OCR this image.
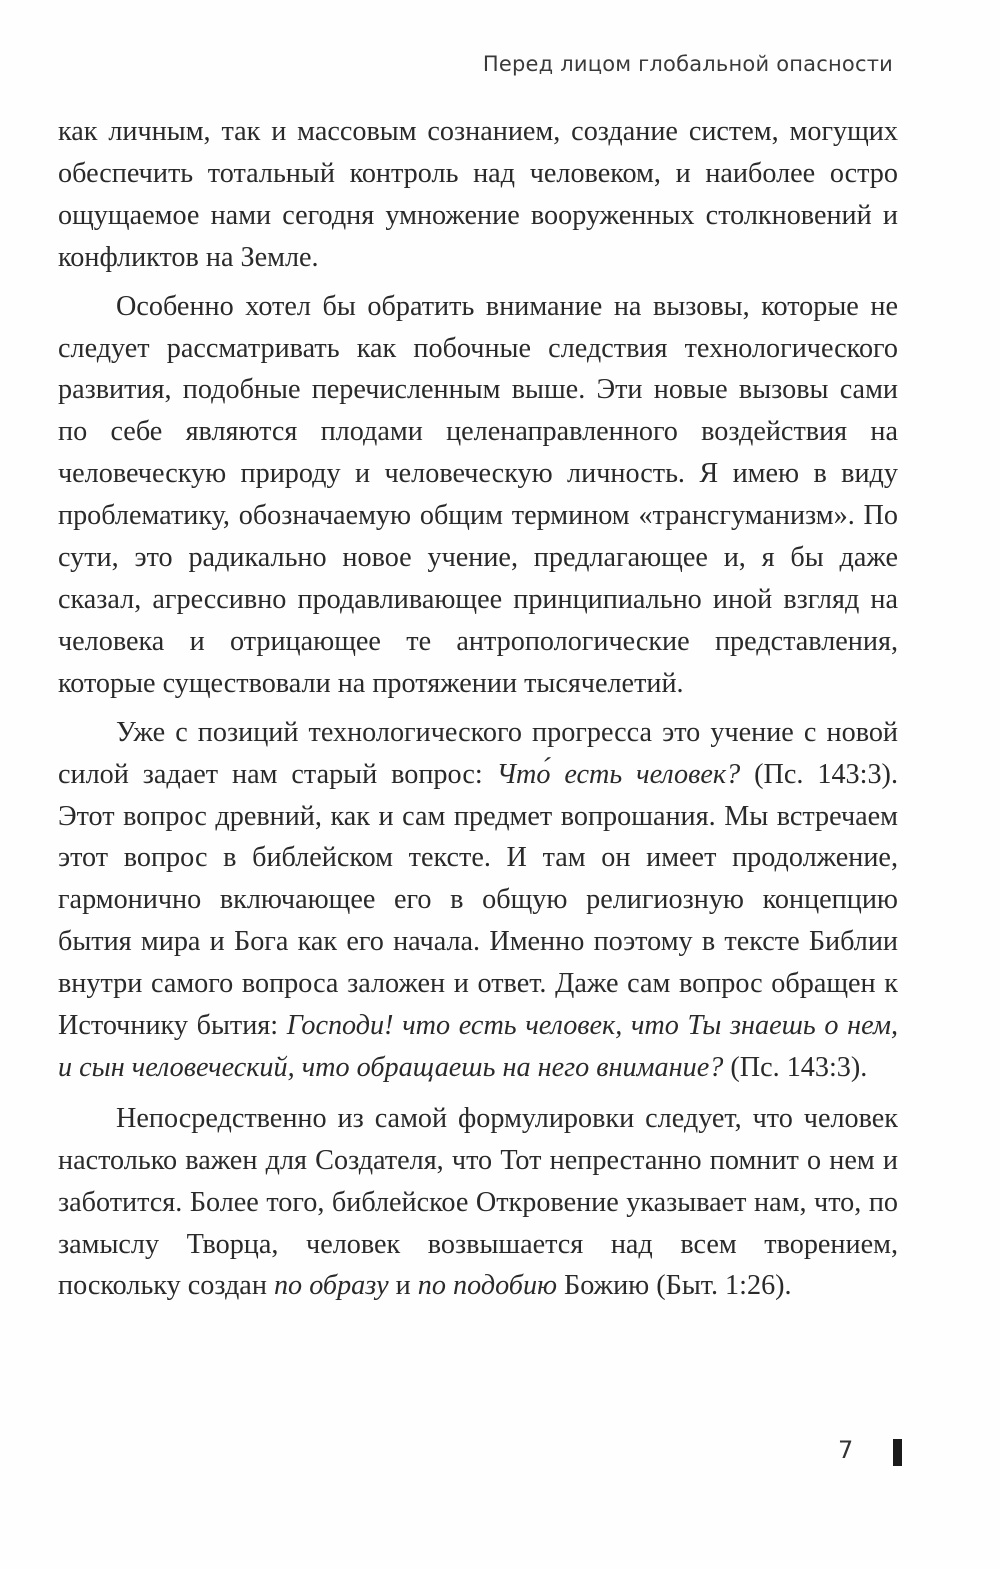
Перед лицом глобальной опасности

как личным, так и массовым сознанием, создание систем, могущих обеспечить тотальный контроль над человеком, и наиболее остро ощущаемое нами сегодня умножение вооруженных столкновений и конфликтов на Земле.

Особенно хотел бы обратить внимание на вызовы, которые не следует рассматривать как побочные следствия технологического развития, подобные перечисленным выше. Эти новые вызовы сами по себе являются плодами целенаправленного воздействия на человеческую природу и человеческую личность. Я имею в виду проблематику, обозначаемую общим термином «трансгуманизм». По сути, это радикально новое учение, предлагающее и, я бы даже сказал, агрессивно продавливающее принципиально иной взгляд на человека и отрицающее те антропологические представления, которые существовали на протяжении тысячелетий.

Уже с позиций технологического прогресса это учение с новой силой задает нам старый вопрос: Что́ есть человек? (Пс. 143:3). Этот вопрос древний, как и сам предмет вопрошания. Мы встречаем этот вопрос в библейском тексте. И там он имеет продолжение, гармонично включающее его в общую религиозную концепцию бытия мира и Бога как его начала. Именно поэтому в тексте Библии внутри самого вопроса заложен и ответ. Даже сам вопрос обращен к Источнику бытия: Господи! что есть человек, что Ты знаешь о нем, и сын человеческий, что обращаешь на него внимание? (Пс. 143:3).

Непосредственно из самой формулировки следует, что человек настолько важен для Создателя, что Тот непрестанно помнит о нем и заботится. Более того, библейское Откровение указывает нам, что, по замыслу Творца, человек возвышается над всем творением, поскольку создан по образу и по подобию Божию (Быт. 1:26).

7
